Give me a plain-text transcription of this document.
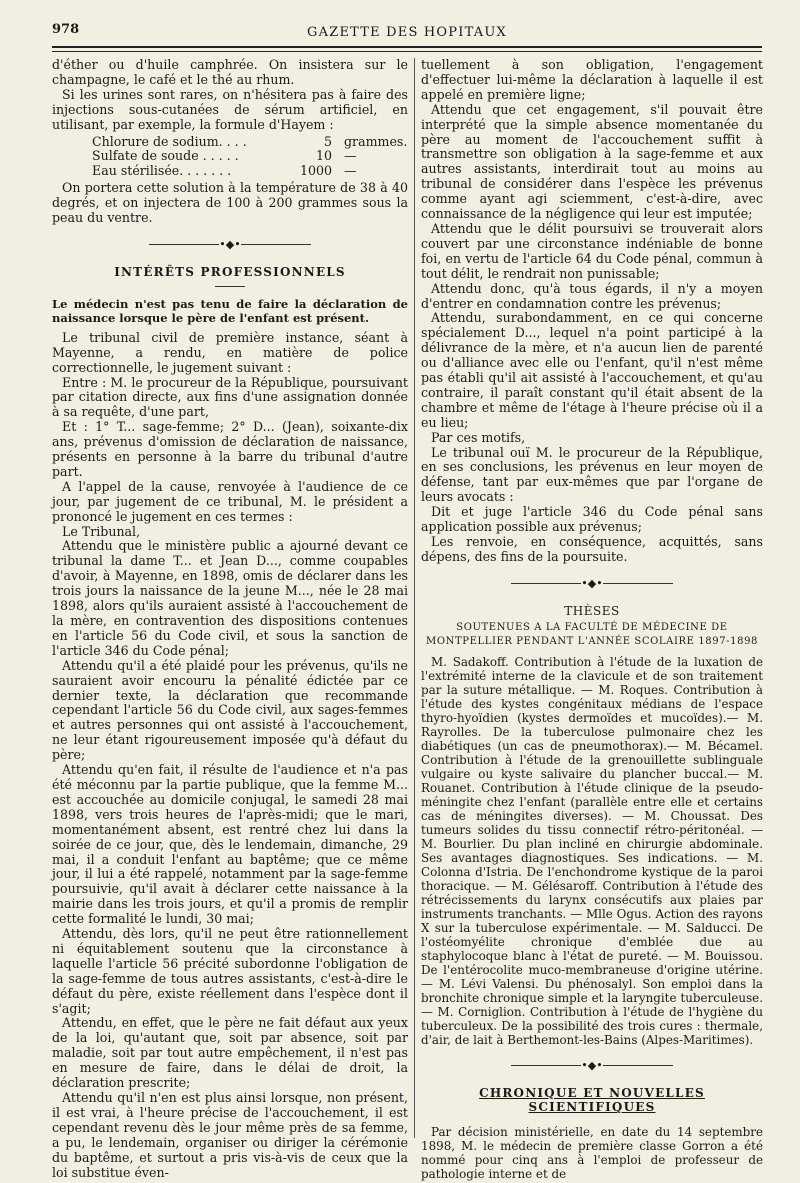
978	GAZETTE DES HOPITAUX

d'éther ou d'huile camphrée. On insistera sur le champagne, le café et le thé au rhum.

Si les urines sont rares, on n'hésitera pas à faire des injections sous-cutanées de sérum artificiel, en utilisant, par exemple, la formule d'Hayem :

Chlorure de sodium. . . .	5 grammes.
Sulfate de soude . . . . .	10 —
Eau stérilisée. . . . . . .	1000 —

On portera cette solution à la température de 38 à 40 degrés, et on injectera de 100 à 200 grammes sous la peau du ventre.

•◆•
INTÉRÊTS PROFESSIONNELS

Le médecin n'est pas tenu de faire la déclaration de naissance lorsque le père de l'enfant est présent.

Le tribunal civil de première instance, séant à Mayenne, a rendu, en matière de police correctionnelle, le jugement suivant :

Entre : M. le procureur de la République, poursuivant par citation directe, aux fins d'une assignation donnée à sa requête, d'une part,

Et : 1° T... sage-femme; 2° D... (Jean), soixante-dix ans, prévenus d'omission de déclaration de naissance, présents en personne à la barre du tribunal d'autre part.

A l'appel de la cause, renvoyée à l'audience de ce jour, par jugement de ce tribunal, M. le président a prononcé le jugement en ces termes :

Le Tribunal,

Attendu que le ministère public a ajourné devant ce tribunal la dame T... et Jean D..., comme coupables d'avoir, à Mayenne, en 1898, omis de déclarer dans les trois jours la naissance de la jeune M..., née le 28 mai 1898, alors qu'ils auraient assisté à l'accouchement de la mère, en contravention des dispositions contenues en l'article 56 du Code civil, et sous la sanction de l'article 346 du Code pénal;

Attendu qu'il a été plaidé pour les prévenus, qu'ils ne sauraient avoir encouru la pénalité édictée par ce dernier texte, la déclaration que recommande cependant l'article 56 du Code civil, aux sages-femmes et autres personnes qui ont assisté à l'accouchement, ne leur étant rigoureusement imposée qu'à défaut du père;

Attendu qu'en fait, il résulte de l'audience et n'a pas été méconnu par la partie publique, que la femme M... est accouchée au domicile conjugal, le samedi 28 mai 1898, vers trois heures de l'après-midi; que le mari, momentanément absent, est rentré chez lui dans la soirée de ce jour, que, dès le lendemain, dimanche, 29 mai, il a conduit l'enfant au baptême; que ce même jour, il lui a été rappelé, notamment par la sage-femme poursuivie, qu'il avait à déclarer cette naissance à la mairie dans les trois jours, et qu'il a promis de remplir cette formalité le lundi, 30 mai;

Attendu, dès lors, qu'il ne peut être rationnellement ni équitablement soutenu que la circonstance à laquelle l'article 56 précité subordonne l'obligation de la sage-femme de tous autres assistants, c'est-à-dire le défaut du père, existe réellement dans l'espèce dont il s'agit;

Attendu, en effet, que le père ne fait défaut aux yeux de la loi, qu'autant que, soit par absence, soit par maladie, soit par tout autre empêchement, il n'est pas en mesure de faire, dans le délai de droit, la déclaration prescrite;

Attendu qu'il n'en est plus ainsi lorsque, non présent, il est vrai, à l'heure précise de l'accouchement, il est cependant revenu dès le jour même près de sa femme, a pu, le lendemain, organiser ou diriger la cérémonie du baptême, et surtout a pris vis-à-vis de ceux que la loi substitue éven-

tuellement à son obligation, l'engagement d'effectuer lui-même la déclaration à laquelle il est appelé en première ligne;

Attendu que cet engagement, s'il pouvait être interprété que la simple absence momentanée du père au moment de l'accouchement suffit à transmettre son obligation à la sage-femme et aux autres assistants, interdirait tout au moins au tribunal de considérer dans l'espèce les prévenus comme ayant agi sciemment, c'est-à-dire, avec connaissance de la négligence qui leur est imputée;

Attendu que le délit poursuivi se trouverait alors couvert par une circonstance indéniable de bonne foi, en vertu de l'article 64 du Code pénal, commun à tout délit, le rendrait non punissable;

Attendu donc, qu'à tous égards, il n'y a moyen d'entrer en condamnation contre les prévenus;

Attendu, surabondamment, en ce qui concerne spécialement D..., lequel n'a point participé à la délivrance de la mère, et n'a aucun lien de parenté ou d'alliance avec elle ou l'enfant, qu'il n'est même pas établi qu'il ait assisté à l'accouchement, et qu'au contraire, il paraît constant qu'il était absent de la chambre et même de l'étage à l'heure précise où il a eu lieu;

Par ces motifs,

Le tribunal ouï M. le procureur de la République, en ses conclusions, les prévenus en leur moyen de défense, tant par eux-mêmes que par l'organe de leurs avocats :

Dit et juge l'article 346 du Code pénal sans application possible aux prévenus;

Les renvoie, en conséquence, acquittés, sans dépens, des fins de la poursuite.

•◆•
THÈSES
SOUTENUES A LA FACULTÉ DE MÉDECINE DE MONTPELLIER PENDANT L'ANNÉE SCOLAIRE 1897-1898

M. Sadakoff. Contribution à l'étude de la luxation de l'extrémité interne de la clavicule et de son traitement par la suture métallique. — M. Roques. Contribution à l'étude des kystes congénitaux médians de l'espace thyro-hyoïdien (kystes dermoïdes et mucoïdes).— M. Rayrolles. De la tuberculose pulmonaire chez les diabétiques (un cas de pneumothorax).— M. Bécamel. Contribution à l'étude de la grenouillette sublinguale vulgaire ou kyste salivaire du plancher buccal.— M. Rouanet. Contribution à l'étude clinique de la pseudo-méningite chez l'enfant (parallèle entre elle et certains cas de méningites diverses). — M. Choussat. Des tumeurs solides du tissu connectif rétro-péritonéal. — M. Bourlier. Du plan incliné en chirurgie abdominale. Ses avantages diagnostiques. Ses indications. — M. Colonna d'Istria. De l'enchondrome kystique de la paroi thoracique. — M. Gélésaroff. Contribution à l'étude des rétrécissements du larynx consécutifs aux plaies par instruments tranchants. — Mlle Ogus. Action des rayons X sur la tuberculose expérimentale. — M. Salducci. De l'ostéomyélite chronique d'emblée due au staphylocoque blanc à l'état de pureté. — M. Bouissou. De l'entérocolite muco-membraneuse d'origine utérine. — M. Lévi Valensi. Du phénosalyl. Son emploi dans la bronchite chronique simple et la laryngite tuberculeuse. — M. Corniglion. Contribution à l'étude de l'hygiène du tuberculeux. De la possibilité des trois cures : thermale, d'air, de lait à Berthemont-les-Bains (Alpes-Maritimes).

•◆•
CHRONIQUE ET NOUVELLES SCIENTIFIQUES

Par décision ministérielle, en date du 14 septembre 1898, M. le médecin de première classe Gorron a été nommé pour cinq ans à l'emploi de professeur de pathologie interne et de
